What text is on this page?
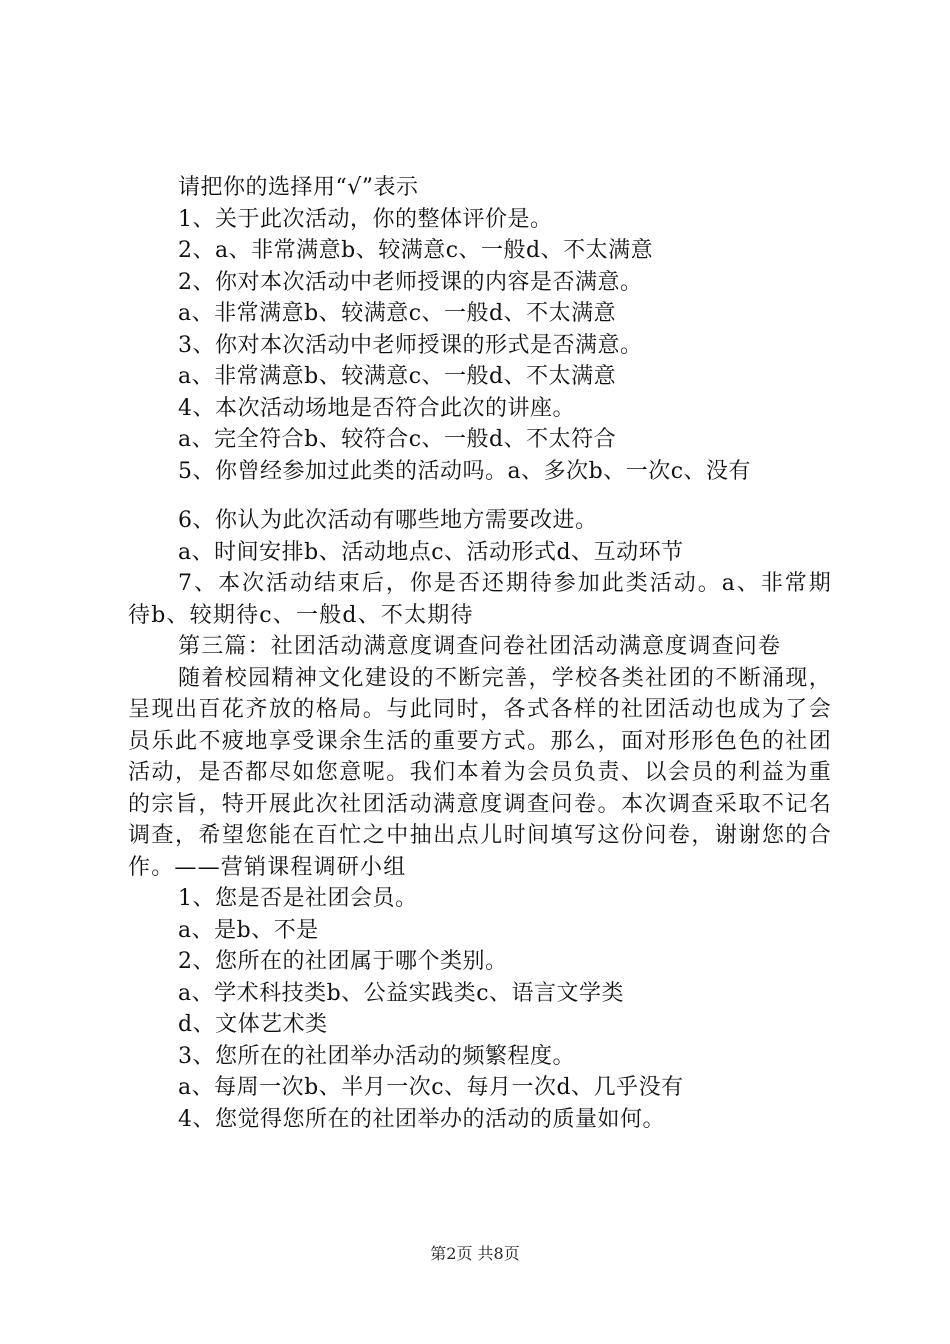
请把你的选择用“√”表示

1、关于此次活动，你的整体评价是。

2、a、非常满意b、较满意c、一般d、不太满意

2、你对本次活动中老师授课的内容是否满意。

a、非常满意b、较满意c、一般d、不太满意

3、你对本次活动中老师授课的形式是否满意。

a、非常满意b、较满意c、一般d、不太满意

4、本次活动场地是否符合此次的讲座。

a、完全符合b、较符合c、一般d、不太符合

5、你曾经参加过此类的活动吗。a、多次b、一次c、没有

6、你认为此次活动有哪些地方需要改进。

a、时间安排b、活动地点c、活动形式d、互动环节

7、本次活动结束后，你是否还期待参加此类活动。a、非常期待b、较期待c、一般d、不太期待

第三篇：社团活动满意度调查问卷社团活动满意度调查问卷

随着校园精神文化建设的不断完善，学校各类社团的不断涌现，呈现出百花齐放的格局。与此同时，各式各样的社团活动也成为了会员乐此不疲地享受课余生活的重要方式。那么，面对形形色色的社团活动，是否都尽如您意呢。我们本着为会员负责、以会员的利益为重的宗旨，特开展此次社团活动满意度调查问卷。本次调查采取不记名调查，希望您能在百忙之中抽出点儿时间填写这份问卷，谢谢您的合作。——营销课程调研小组

1、您是否是社团会员。

a、是b、不是

2、您所在的社团属于哪个类别。

a、学术科技类b、公益实践类c、语言文学类

d、文体艺术类

3、您所在的社团举办活动的频繁程度。

a、每周一次b、半月一次c、每月一次d、几乎没有

4、您觉得您所在的社团举办的活动的质量如何。

第2页 共8页
